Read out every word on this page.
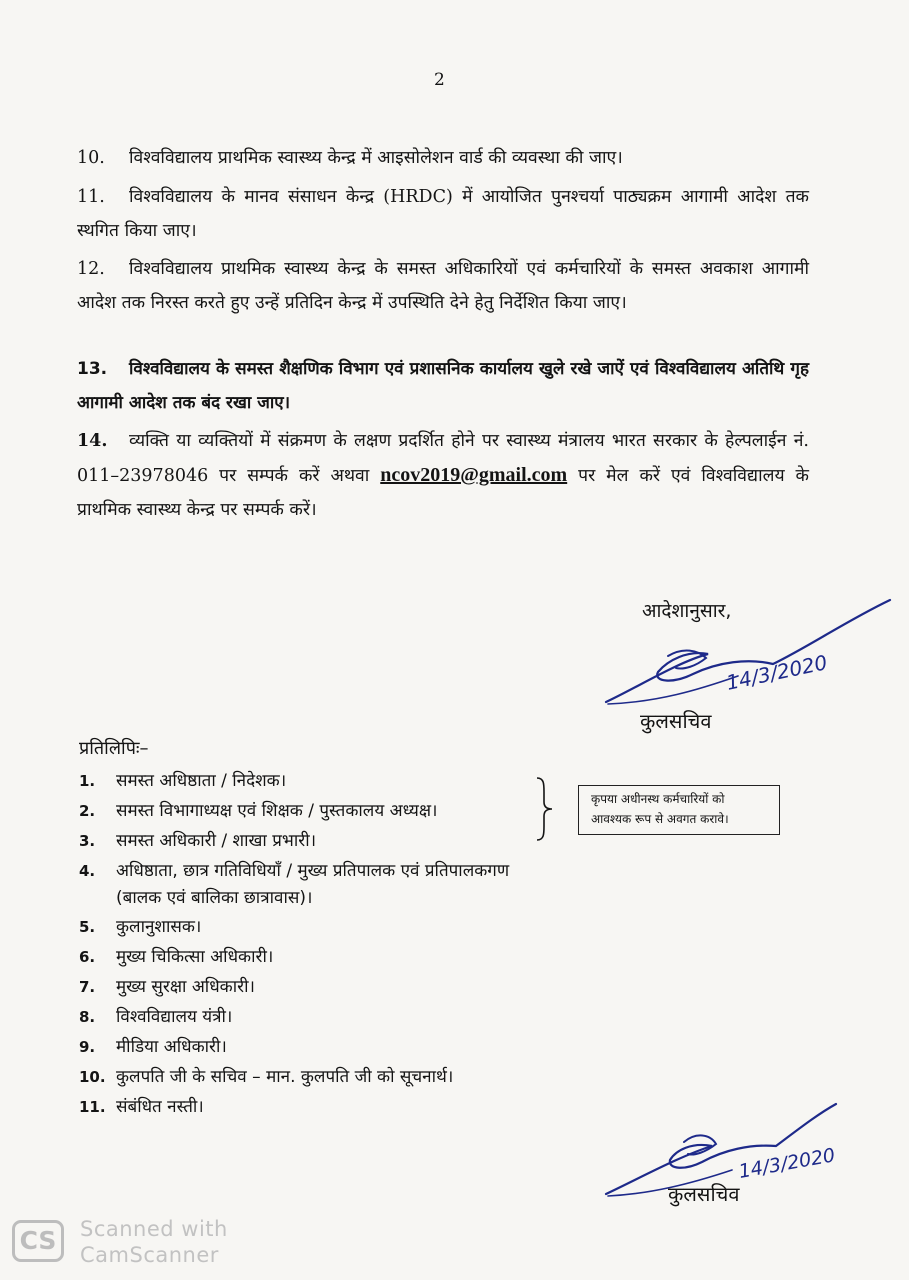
2
10. विश्वविद्यालय प्राथमिक स्वास्थ्य केन्द्र में आइसोलेशन वार्ड की व्यवस्था की जाए।
11. विश्वविद्यालय के मानव संसाधन केन्द्र (HRDC) में आयोजित पुनश्चर्या पाठ्यक्रम आगामी आदेश तक स्थगित किया जाए।
12. विश्वविद्यालय प्राथमिक स्वास्थ्य केन्द्र के समस्त अधिकारियों एवं कर्मचारियों के समस्त अवकाश आगामी आदेश तक निरस्त करते हुए उन्हें प्रतिदिन केन्द्र में उपस्थिति देने हेतु निर्देशित किया जाए।
13. विश्वविद्यालय के समस्त शैक्षणिक विभाग एवं प्रशासनिक कार्यालय खुले रखे जाऐं एवं विश्वविद्यालय अतिथि गृह आगामी आदेश तक बंद रखा जाए।
14. व्यक्ति या व्यक्तियों में संक्रमण के लक्षण प्रदर्शित होने पर स्वास्थ्य मंत्रालय भारत सरकार के हेल्पलाईन नं. 011–23978046 पर सम्पर्क करें अथवा ncov2019@gmail.com पर मेल करें एवं विश्वविद्यालय के प्राथमिक स्वास्थ्य केन्द्र पर सम्पर्क करें।
आदेशानुसार,
14/3/2020
कुलसचिव
प्रतिलिपिः–
1. समस्त अधिष्ठाता / निदेशक।
2. समस्त विभागाध्यक्ष एवं शिक्षक / पुस्तकालय अध्यक्ष।
3. समस्त अधिकारी / शाखा प्रभारी।
4. अधिष्ठाता, छात्र गतिविधियाँ / मुख्य प्रतिपालक एवं प्रतिपालकगण
(बालक एवं बालिका छात्रावास)।
5. कुलानुशासक।
6. मुख्य चिकित्सा अधिकारी।
7. मुख्य सुरक्षा अधिकारी।
8. विश्वविद्यालय यंत्री।
9. मीडिया अधिकारी।
10. कुलपति जी के सचिव – मान. कुलपति जी को सूचनार्थ।
11. संबंधित नस्ती।
कृपया अधीनस्थ कर्मचारियों को
आवश्यक रूप से अवगत करावे।
14/3/2020
कुलसचिव
CS	Scanned with
CamScanner
